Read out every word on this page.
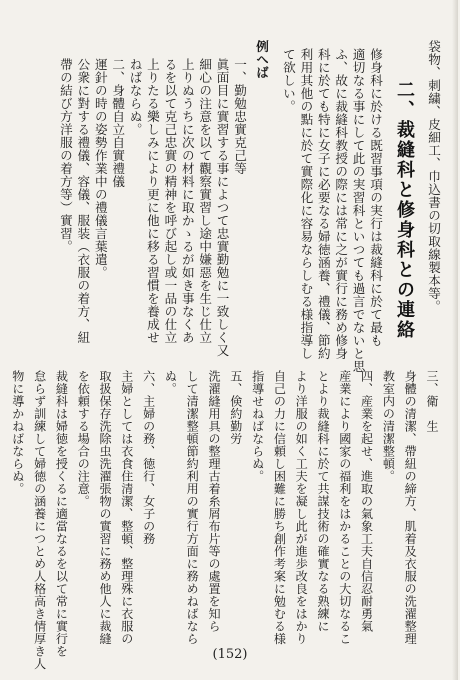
袋物、刺繍、皮細工、巾込書の切取線製本等。
二、裁縫科と修身科との連絡
修身科に於ける既習事項の実行は裁縫科に於て最も
適切なる事にして此の実習科といつても過言でないと思
ふ、故に裁縫科教授の際には常に之が實行に務め修身
科に於ても特に女子に必要なる婦徳涵養、禮儀、節約
利用其他の點に於て實際化に容易ならしむる様指導し
て欲しい。
例へば
一、勤勉忠實克己等
眞面目に實習する事によつて忠實勤勉に一致しく又
細心の注意を以て觀察實習し途中嫌惡を生じ仕立
上りぬうちに次の材料に取かゝるが如き事なくあ
るを以て克己忠實の精神を呼び起し或一品の仕立
上りたる樂しみにより更に他に移る習慣を養成せ
ねばならぬ。
二、身體自立自實禮儀
運針の時の姿勢作業中の禮儀言葉遣。
公衆に對する禮儀、容儀、服装（衣服の着方、紐
帶の結び方洋服の着方等）實習。
三、衛　生
身體の清潔、帶紐の締方、肌着及衣服の洗濯整理
教室内の清潔整頓。
四、産業を起せ、進取の氣象工夫自信忍耐勇氣
産業により國家の福利をはかることの大切なるこ
とより裁縫科に於て共謀技術の確實なる熟練に
より洋服の如く工夫を凝し此が進歩改良をはかり
自己の力に信頼し困難に勝ち創作考案に勉むる様
指導せねばならぬ。
五、倹約勤労
洗濯縫用具の整理古着糸屑布片等の處置を知ら
して清潔整頓節約利用の實行方面に務めねばなら
ぬ。
六、主婦の務、徳行、女子の務
主婦としては衣食住清潔、整頓、整理殊に衣服の
取扱保存洗除虫洗濯張物の實習に務め他人に裁縫
を依頼する場合の注意。
裁縫科は婦徳を授くるに適當なるを以て常に實行を
怠らず訓練して婦徳の涵養につとめ人格高き情厚き人
物に導かねばならぬ。
(152)
